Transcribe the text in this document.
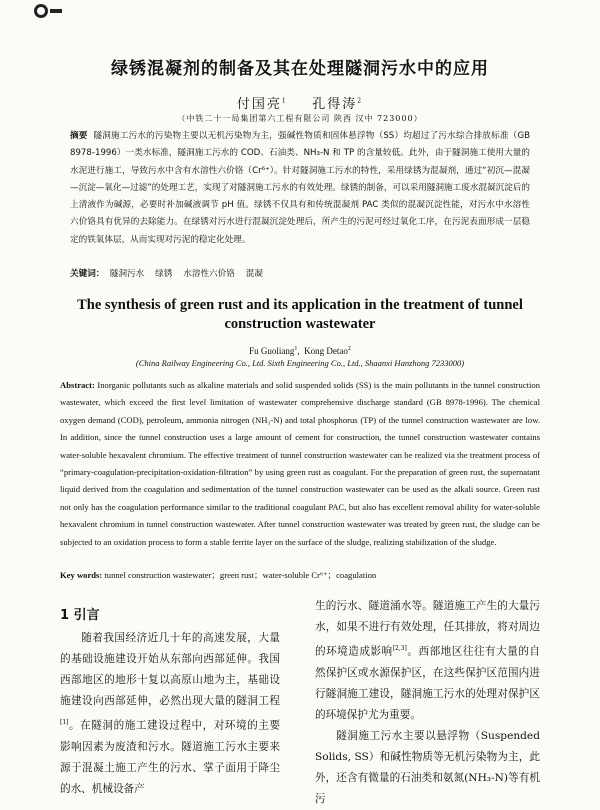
绿锈混凝剂的制备及其在处理隧洞污水中的应用
付国亮$^1$ 孔得涛$^2$
（中铁二十一局集团第六工程有限公司 陕西 汉中 723000）
摘要 隧洞施工污水的污染物主要以无机污染物为主，强碱性物质和固体悬浮物（SS）均超过了污水综合排放标准（GB 8978-1996）一类水标准，隧洞施工污水的 COD、石油类、NH₃-N 和 TP 的含量较低。此外，由于隧洞施工使用大量的水泥进行施工，导致污水中含有水溶性六价铬（Cr⁶⁺）。针对隧洞施工污水的特性，采用绿锈为混凝剂，通过“初沉—混凝—沉淀—氧化—过滤”的处理工艺，实现了对隧洞施工污水的有效处理。绿锈的制备，可以采用隧洞施工废水混凝沉淀后的上清液作为碱源，必要时补加碱液调节 pH 值。绿锈不仅具有和传统混凝剂 PAC 类似的混凝沉淀性能，对污水中水溶性六价铬具有优异的去除能力。在绿锈对污水进行混凝沉淀处理后，所产生的污泥可经过氧化工序，在污泥表面形成一层稳定的铁氧体层，从而实现对污泥的稳定化处理。
关键词： 隧洞污水    绿锈    水溶性六价铬    混凝
The synthesis of green rust and its application in the treatment of tunnel construction wastewater
Fu Guoliang$^1$,  Kong Detao$^2$
(China Railway Engineering Co., Ltd. Sixth Engineering Co., Ltd., Shaanxi Hanzhong 7233000)
Abstract: Inorganic pollutants such as alkaline materials and solid suspended solids (SS) is the main pollutants in the tunnel construction wastewater, which exceed the first level limitation of wastewater comprehensive discharge standard (GB 8978-1996). The chemical oxygen demand (COD), petroleum, ammonia nitrogen (NH₃-N) and total phosphorus (TP) of the tunnel construction wastewater are low. In addition, since the tunnel construction uses a large amount of cement for construction, the tunnel construction wastewater contains water-soluble hexavalent chromium. The effective treatment of tunnel construction wastewater can be realized via the treatment process of “primary-coagulation-precipitation-oxidation-filtration” by using green rust as coagulant. For the preparation of green rust, the supernatant liquid derived from the coagulation and sedimentation of the tunnel construction wastewater can be used as the alkali source. Green rust not only has the coagulation performance similar to the traditional coagulant PAC, but also has excellent removal ability for water-soluble hexavalent chromium in tunnel construction wastewater. After tunnel construction wastewater was treated by green rust, the sludge can be subjected to an oxidation process to form a stable ferrite layer on the surface of the sludge, realizing stabilization of the sludge.
Key words: tunnel construction wastewater；green rust；water-soluble Cr⁶⁺；coagulation
1 引言
随着我国经济近几十年的高速发展，大量的基础设施建设开始从东部向西部延伸。我国西部地区的地形十复以高原山地为主，基础设施建设向西部延伸，必然出现大量的隧洞工程[1]。在隧洞的施工建设过程中，对环境的主要影响因素为废渣和污水。隧道施工污水主要来源于混凝土施工产生的污水、掌子面用于降尘的水、机械设备产
生的污水、隧道涌水等。隧道施工产生的大量污水，如果不进行有效处理，任其排放，将对周边的环境造成影响[2,3]。西部地区往往有大量的自然保护区或水源保护区，在这些保护区范围内进行隧洞施工建设，隧洞施工污水的处理对保护区的环境保护尤为重要。
隧洞施工污水主要以悬浮物（Suspended Solids, SS）和碱性物质等无机污染物为主，此外，还含有微量的石油类和氨氮(NH₃-N)等有机污
